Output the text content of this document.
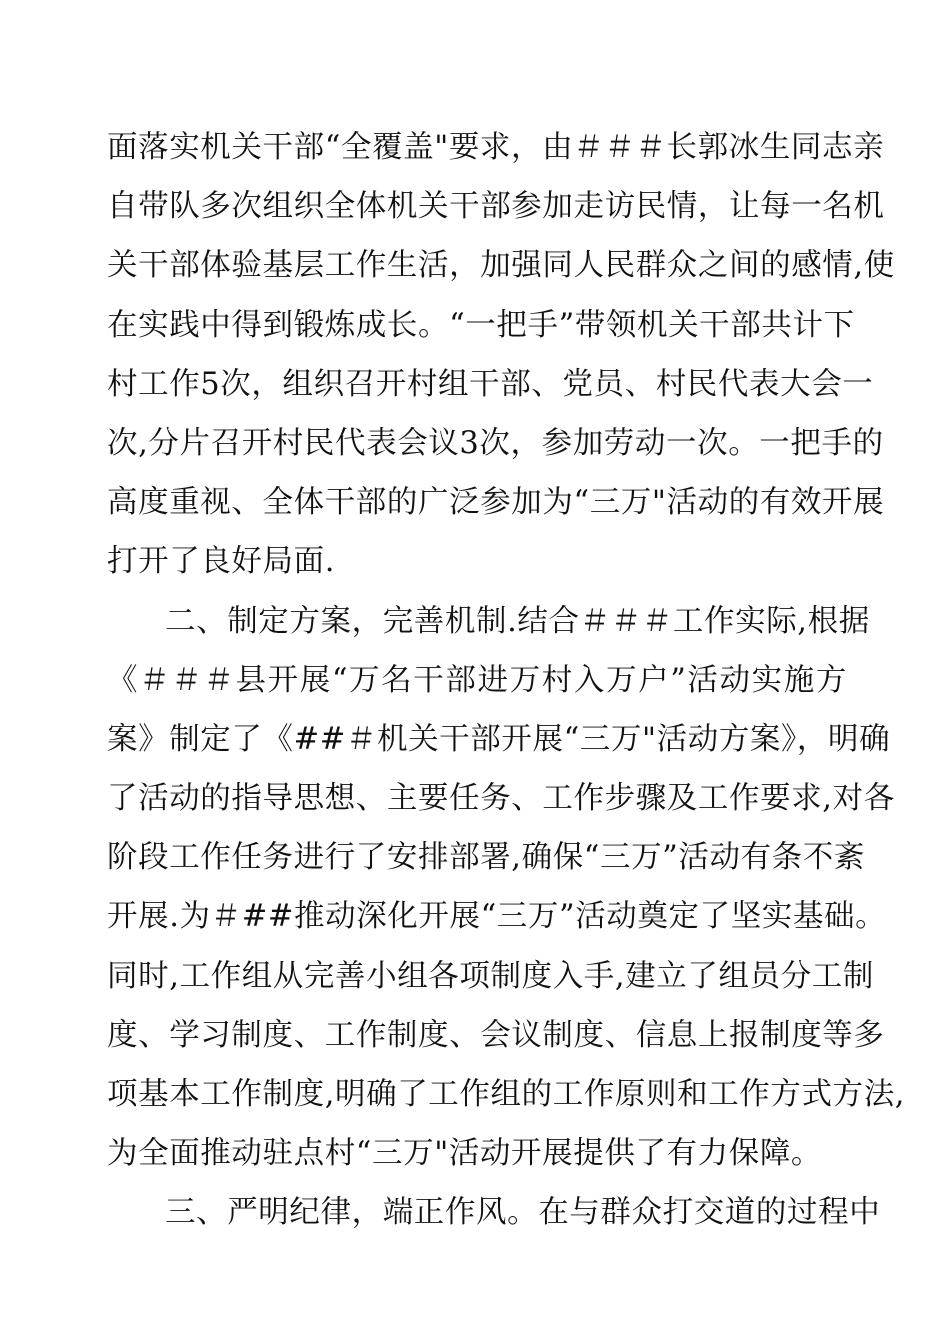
面落实机关干部“全覆盖"要求，由＃＃＃长郭冰生同志亲
自带队多次组织全体机关干部参加走访民情，让每一名机
关干部体验基层工作生活，加强同人民群众之间的感情,使
在实践中得到锻炼成长。“一把手”带领机关干部共计下
村工作5次，组织召开村组干部、党员、村民代表大会一
次,分片召开村民代表会议3次，参加劳动一次。一把手的
高度重视、全体干部的广泛参加为“三万"活动的有效开展
打开了良好局面.
二、制定方案，完善机制.结合＃＃＃工作实际,根据
《＃＃＃县开展“万名干部进万村入万户”活动实施方
案》制定了《##＃机关干部开展“三万"活动方案》，明确
了活动的指导思想、主要任务、工作步骤及工作要求,对各
阶段工作任务进行了安排部署,确保“三万”活动有条不紊
开展.为＃##推动深化开展“三万”活动奠定了坚实基础。
同时,工作组从完善小组各项制度入手,建立了组员分工制
度、学习制度、工作制度、会议制度、信息上报制度等多
项基本工作制度,明确了工作组的工作原则和工作方式方法,
为全面推动驻点村“三万"活动开展提供了有力保障。
三、严明纪律，端正作风。在与群众打交道的过程中
